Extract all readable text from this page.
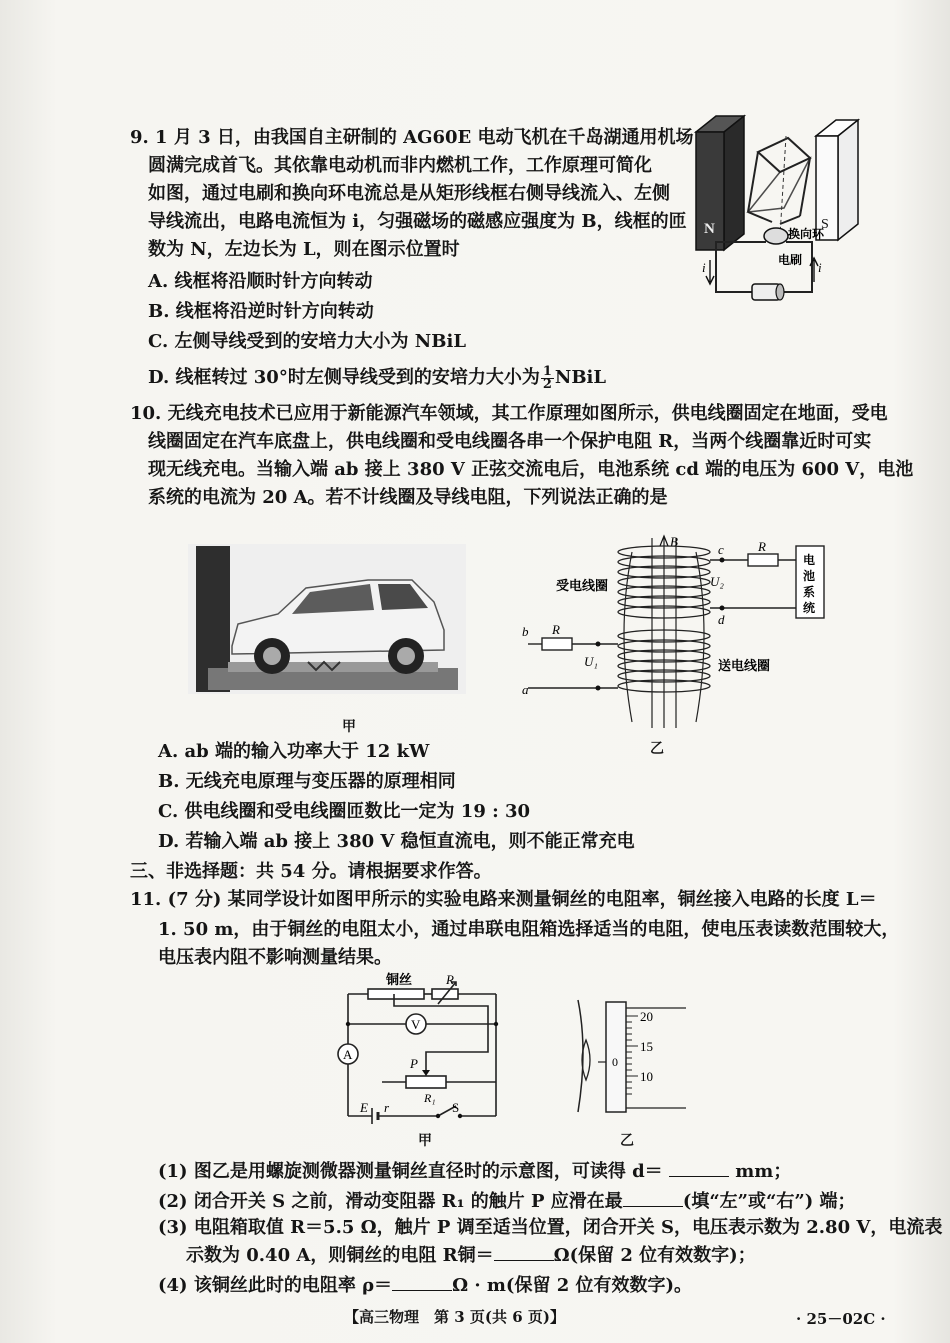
9. 1 月 3 日，由我国自主研制的 AG60E 电动飞机在千岛湖通用机场
圆满完成首飞。其依靠电动机而非内燃机工作，工作原理可简化
如图，通过电刷和换向环电流总是从矩形线框右侧导线流入、左侧
导线流出，电路电流恒为 i，匀强磁场的磁感应强度为 B，线框的匝
数为 N，左边长为 L，则在图示位置时
A. 线框将沿顺时针方向转动
B. 线框将沿逆时针方向转动
C. 左侧导线受到的安培力大小为 NBiL
D. 线框转过 30°时左侧导线受到的安培力大小为 $\frac{1}{2}$ NBiL
N	S
换向环
电刷
i	i
10. 无线充电技术已应用于新能源汽车领域，其工作原理如图所示，供电线圈固定在地面，受电
线圈固定在汽车底盘上，供电线圈和受电线圈各串一个保护电阻 R，当两个线圈靠近时可实
现无线充电。当输入端 ab 接上 380 V 正弦交流电后，电池系统 cd 端的电压为 600 V，电池
系统的电流为 20 A。若不计线圈及导线电阻，下列说法正确的是
甲
B
受电线圈
送电线圈
c	R
电
池
系
统
d
U₂
b R
U₁
a
乙
A. ab 端的输入功率大于 12 kW
B. 无线充电原理与变压器的原理相同
C. 供电线圈和受电线圈匝数比一定为 19 : 30
D. 若输入端 ab 接上 380 V 稳恒直流电，则不能正常充电
三、非选择题：共 54 分。请根据要求作答。
11. (7 分) 某同学设计如图甲所示的实验电路来测量铜丝的电阻率，铜丝接入电路的长度 L＝
1. 50 m，由于铜丝的电阻太小，通过串联电阻箱选择适当的电阻，使电压表读数范围较大，
电压表内阻不影响测量结果。
铜丝	R
V
A
P
R₁
E r	S
甲
20
15
10
0
乙
(1) 图乙是用螺旋测微器测量铜丝直径时的示意图，可读得 d＝	mm；
(2) 闭合开关 S 之前，滑动变阻器 R₁ 的触片 P 应滑在最	(填“左”或“右”) 端；
(3) 电阻箱取值 R＝5.5 Ω，触片 P 调至适当位置，闭合开关 S，电压表示数为 2.80 V，电流表
示数为 0.40 A，则铜丝的电阻 R铜＝	Ω(保留 2 位有效数字)；
(4) 该铜丝此时的电阻率 ρ＝	Ω · m(保留 2 位有效数字)。
【高三物理　第 3 页(共 6 页)】	· 25－02C ·
